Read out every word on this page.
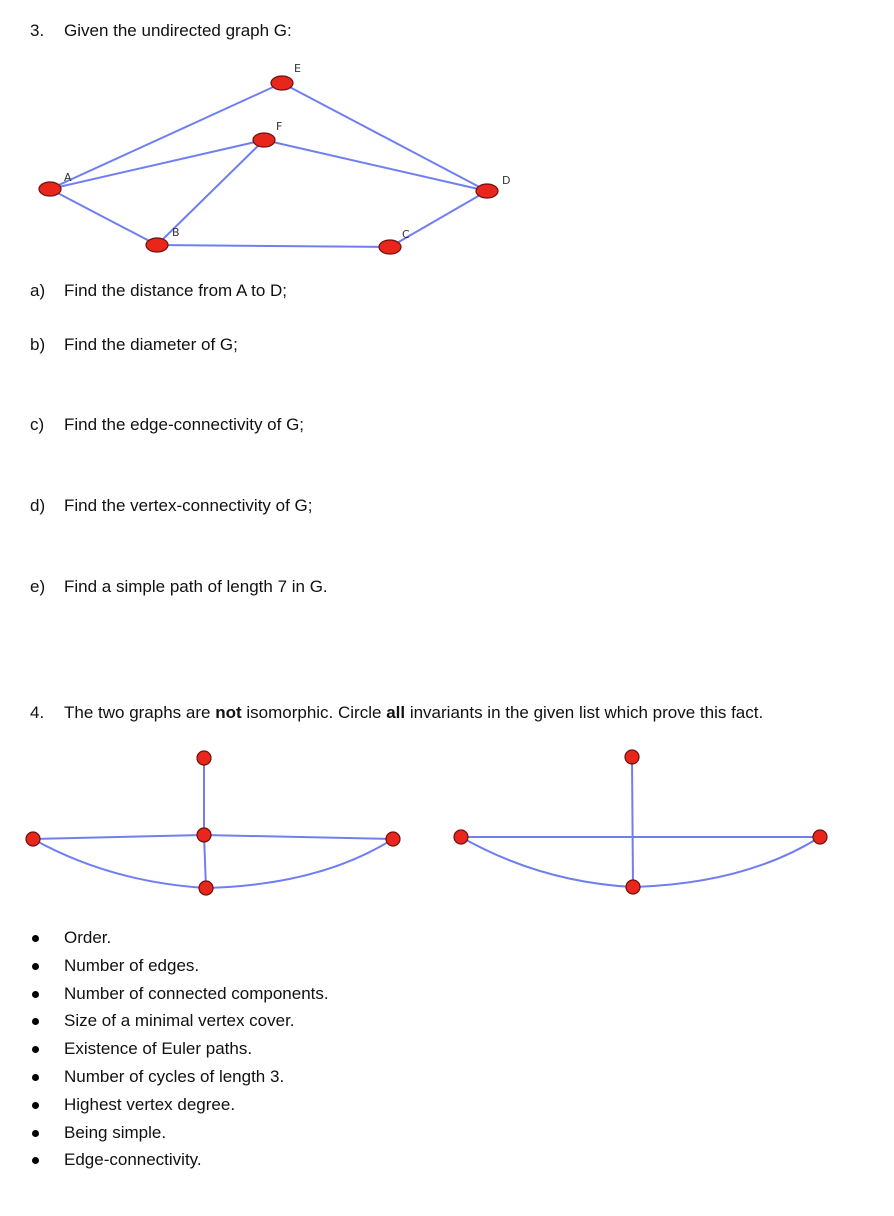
3. Given the undirected graph G:
A
B	C
D
E
F
a) Find the distance from A to D;
b) Find the diameter of G;
c) Find the edge-connectivity of G;
d) Find the vertex-connectivity of G;
e) Find a simple path of length 7 in G.
4. The two graphs are not isomorphic. Circle all invariants in the given list which prove this fact.
Order.
Number of edges.
Number of connected components.
Size of a minimal vertex cover.
Existence of Euler paths.
Number of cycles of length 3.
Highest vertex degree.
Being simple.
Edge-connectivity.
